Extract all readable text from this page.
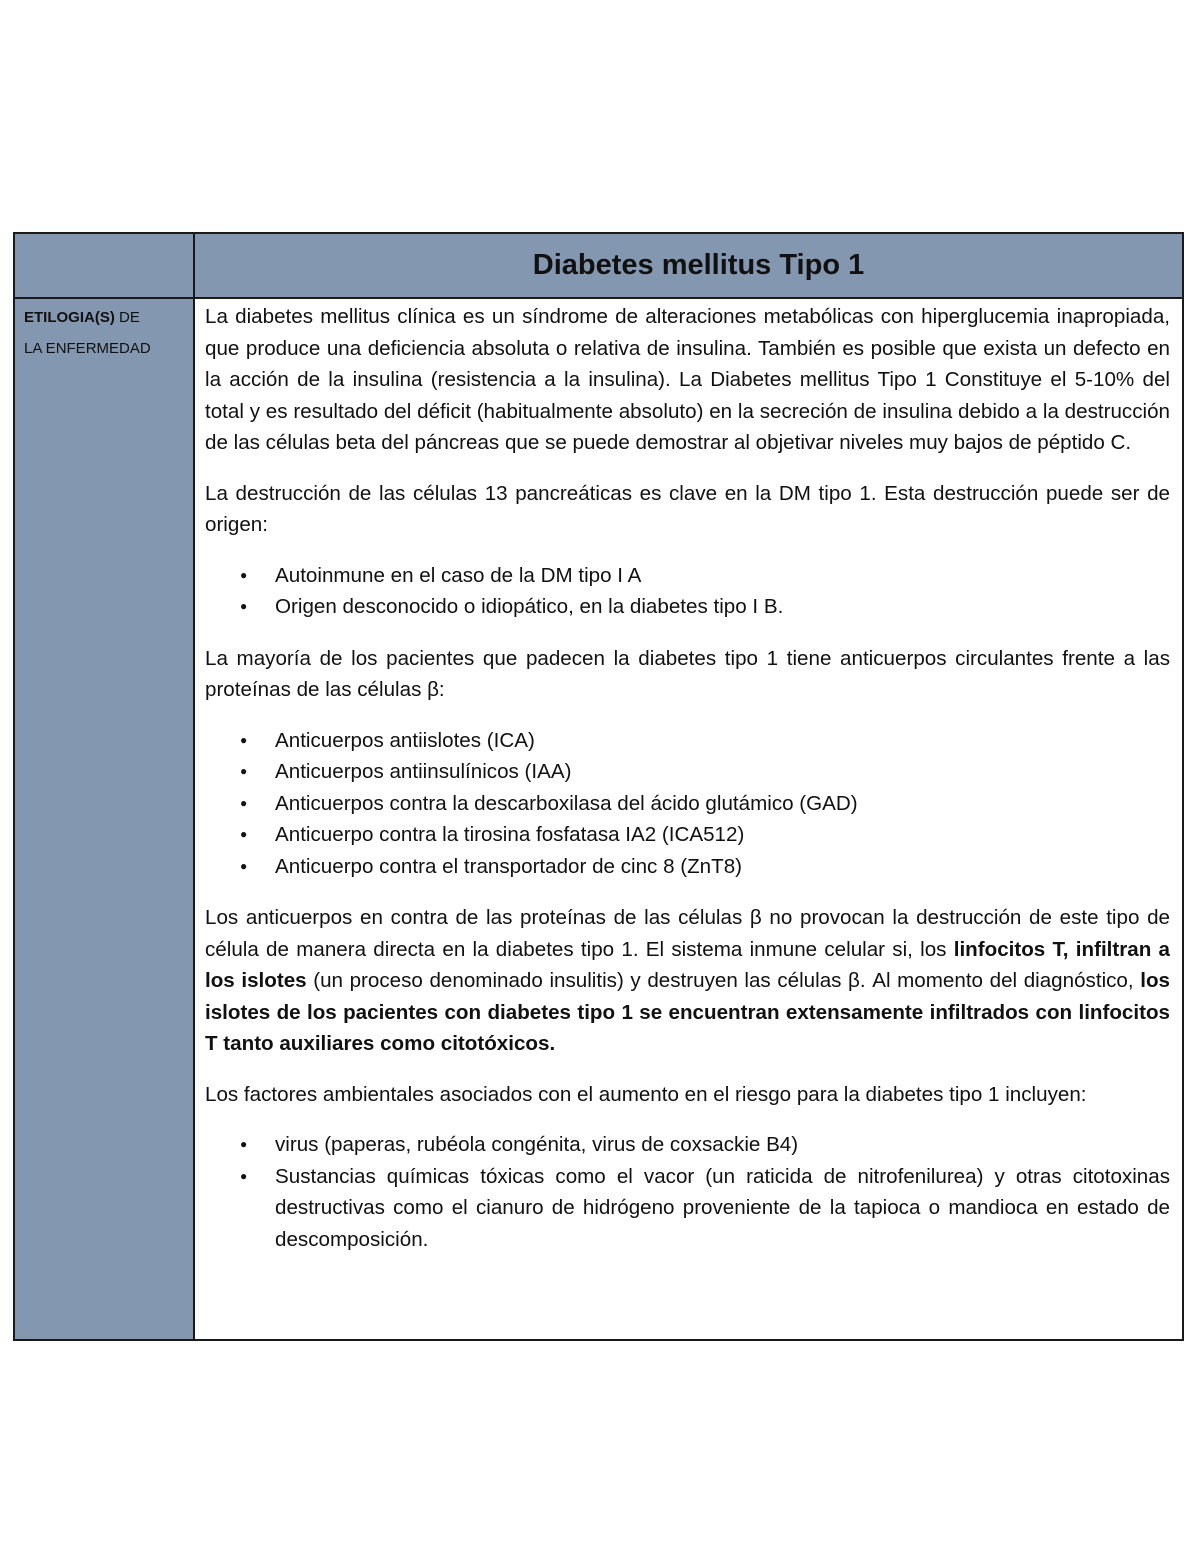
Diabetes mellitus Tipo 1
ETILOGIA(S) DE
LA ENFERMEDAD

La diabetes mellitus clínica es un síndrome de alteraciones metabólicas con hiperglucemia inapropiada, que produce una deficiencia absoluta o relativa de insulina. También es posible que exista un defecto en la acción de la insulina (resistencia a la insulina). La Diabetes mellitus Tipo 1 Constituye el 5-10% del total y es resultado del déficit (habitualmente absoluto) en la secreción de insulina debido a la destrucción de las células beta del páncreas que se puede demostrar al objetivar niveles muy bajos de péptido C.

La destrucción de las células 13 pancreáticas es clave en la DM tipo 1. Esta destrucción puede ser de origen:

● Autoinmune en el caso de la DM tipo I A
● Origen desconocido o idiopático, en la diabetes tipo I B.

La mayoría de los pacientes que padecen la diabetes tipo 1 tiene anticuerpos circulantes frente a las proteínas de las células β:

● Anticuerpos antiislotes (ICA)
● Anticuerpos antiinsulínicos (IAA)
● Anticuerpos contra la descarboxilasa del ácido glutámico (GAD)
● Anticuerpo contra la tirosina fosfatasa IA2 (ICA512)
● Anticuerpo contra el transportador de cinc 8 (ZnT8)

Los anticuerpos en contra de las proteínas de las células β no provocan la destrucción de este tipo de célula de manera directa en la diabetes tipo 1. El sistema inmune celular si, los linfocitos T, infiltran a los islotes (un proceso denominado insulitis) y destruyen las células β. Al momento del diagnóstico, los islotes de los pacientes con diabetes tipo 1 se encuentran extensamente infiltrados con linfocitos T tanto auxiliares como citotóxicos.

Los factores ambientales asociados con el aumento en el riesgo para la diabetes tipo 1 incluyen:

● virus (paperas, rubéola congénita, virus de coxsackie B4)
● Sustancias químicas tóxicas como el vacor (un raticida de nitrofenilurea) y otras citotoxinas destructivas como el cianuro de hidrógeno proveniente de la tapioca o mandioca en estado de descomposición.
